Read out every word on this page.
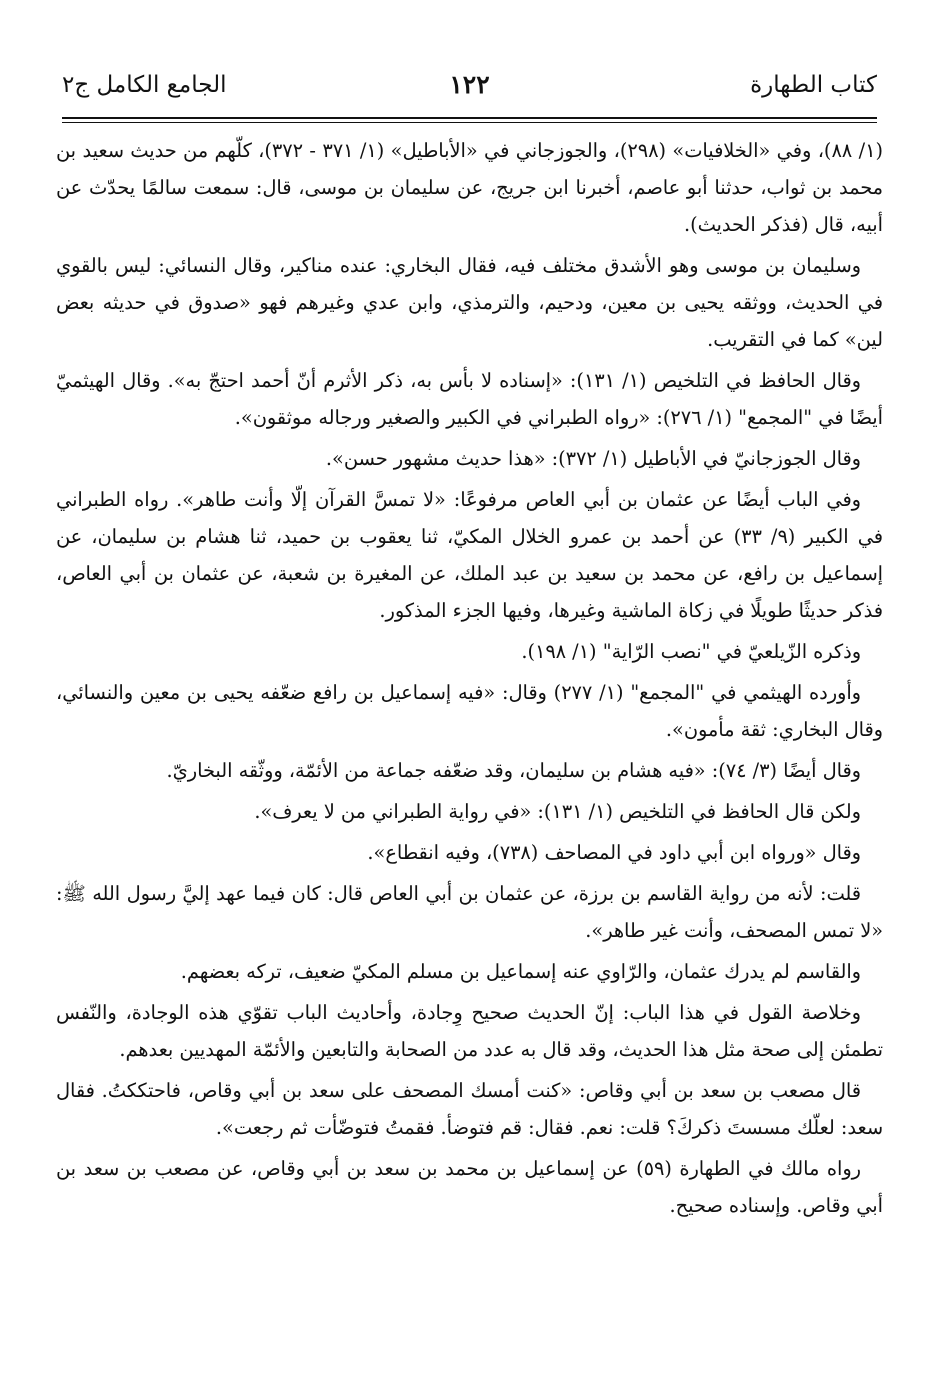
كتاب الطهارة
١٢٢
الجامع الكامل ج٢

(١/ ٨٨)، وفي «الخلافيات» (٢٩٨)، والجوزجاني في «الأباطيل» (١/ ٣٧١ - ٣٧٢)، كلّهم من حديث سعيد بن محمد بن ثواب، حدثنا أبو عاصم، أخبرنا ابن جريج، عن سليمان بن موسى، قال: سمعت سالمًا يحدّث عن أبيه، قال (فذكر الحديث).

وسليمان بن موسى وهو الأشدق مختلف فيه، فقال البخاري: عنده مناكير، وقال النسائي: ليس بالقوي في الحديث، ووثقه يحيى بن معين، ودحيم، والترمذي، وابن عدي وغيرهم فهو «صدوق في حديثه بعض لين» كما في التقريب.

وقال الحافظ في التلخيص (١/ ١٣١): «إسناده لا بأس به، ذكر الأثرم أنّ أحمد احتجّ به». وقال الهيثميّ أيضًا في "المجمع" (١/ ٢٧٦): «رواه الطبراني في الكبير والصغير ورجاله موثقون».

وقال الجوزجانيّ في الأباطيل (١/ ٣٧٢): «هذا حديث مشهور حسن».

وفي الباب أيضًا عن عثمان بن أبي العاص مرفوعًا: «لا تمسَّ القرآن إلّا وأنت طاهر». رواه الطبراني في الكبير (٩/ ٣٣) عن أحمد بن عمرو الخلال المكيّ، ثنا يعقوب بن حميد، ثنا هشام بن سليمان، عن إسماعيل بن رافع، عن محمد بن سعيد بن عبد الملك، عن المغيرة بن شعبة، عن عثمان بن أبي العاص، فذكر حديثًا طويلًا في زكاة الماشية وغيرها، وفيها الجزء المذكور.

وذكره الزّيلعيّ في "نصب الرّاية" (١/ ١٩٨).

وأورده الهيثمي في "المجمع" (١/ ٢٧٧) وقال: «فيه إسماعيل بن رافع ضعّفه يحيى بن معين والنسائي، وقال البخاري: ثقة مأمون».

وقال أيضًا (٣/ ٧٤): «فيه هشام بن سليمان، وقد ضعّفه جماعة من الأئمّة، ووثّقه البخاريّ.

ولكن قال الحافظ في التلخيص (١/ ١٣١): «في رواية الطبراني من لا يعرف».

وقال «ورواه ابن أبي داود في المصاحف (٧٣٨)، وفيه انقطاع».

قلت: لأنه من رواية القاسم بن برزة، عن عثمان بن أبي العاص قال: كان فيما عهد إليَّ رسول الله ﷺ: «لا تمس المصحف، وأنت غير طاهر».

والقاسم لم يدرك عثمان، والرّاوي عنه إسماعيل بن مسلم المكيّ ضعيف، تركه بعضهم.

وخلاصة القول في هذا الباب: إنّ الحديث صحيح وِجادة، وأحاديث الباب تقوّي هذه الوجادة، والنّفس تطمئن إلى صحة مثل هذا الحديث، وقد قال به عدد من الصحابة والتابعين والأئمّة المهديين بعدهم.

قال مصعب بن سعد بن أبي وقاص: «كنت أمسك المصحف على سعد بن أبي وقاص، فاحتككتُ. فقال سعد: لعلّك مسستَ ذكركَ؟ قلت: نعم. فقال: قم فتوضأ. فقمتُ فتوضّأت ثم رجعت».

رواه مالك في الطهارة (٥٩) عن إسماعيل بن محمد بن سعد بن أبي وقاص، عن مصعب بن سعد بن أبي وقاص. وإسناده صحيح.
